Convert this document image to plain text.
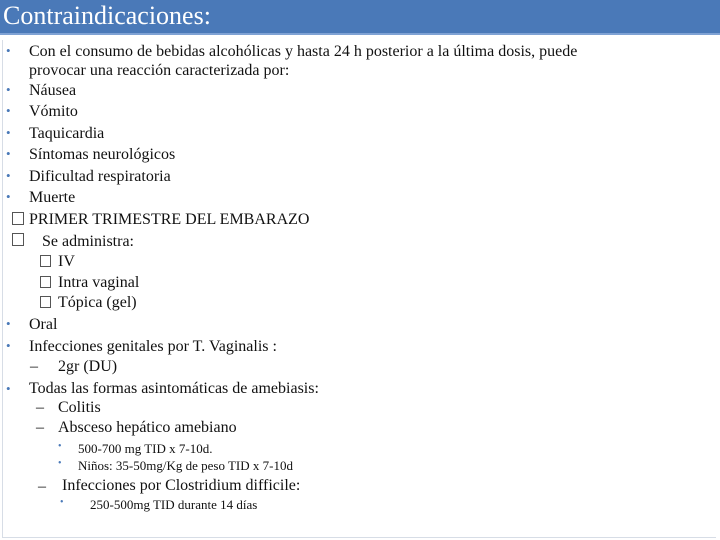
Contraindicaciones:
• Con el consumo de bebidas alcohólicas y hasta 24 h posterior a la última dosis, puede
provocar una reacción caracterizada por:
• Náusea
• Vómito
• Taquicardia
• Síntomas neurológicos
• Dificultad respiratoria
• Muerte
PRIMER TRIMESTRE DEL EMBARAZO
Se administra:
IV
Intra vaginal
Tópica (gel)
• Oral
• Infecciones genitales por T. Vaginalis :
– 2gr (DU)
• Todas las formas asintomáticas de amebiasis:
– Colitis
– Absceso hepático amebiano
• 500-700 mg TID x 7-10d.
• Niños: 35-50mg/Kg de peso TID x 7-10d
– Infecciones por Clostridium difficile:
• 250-500mg TID durante 14 días
